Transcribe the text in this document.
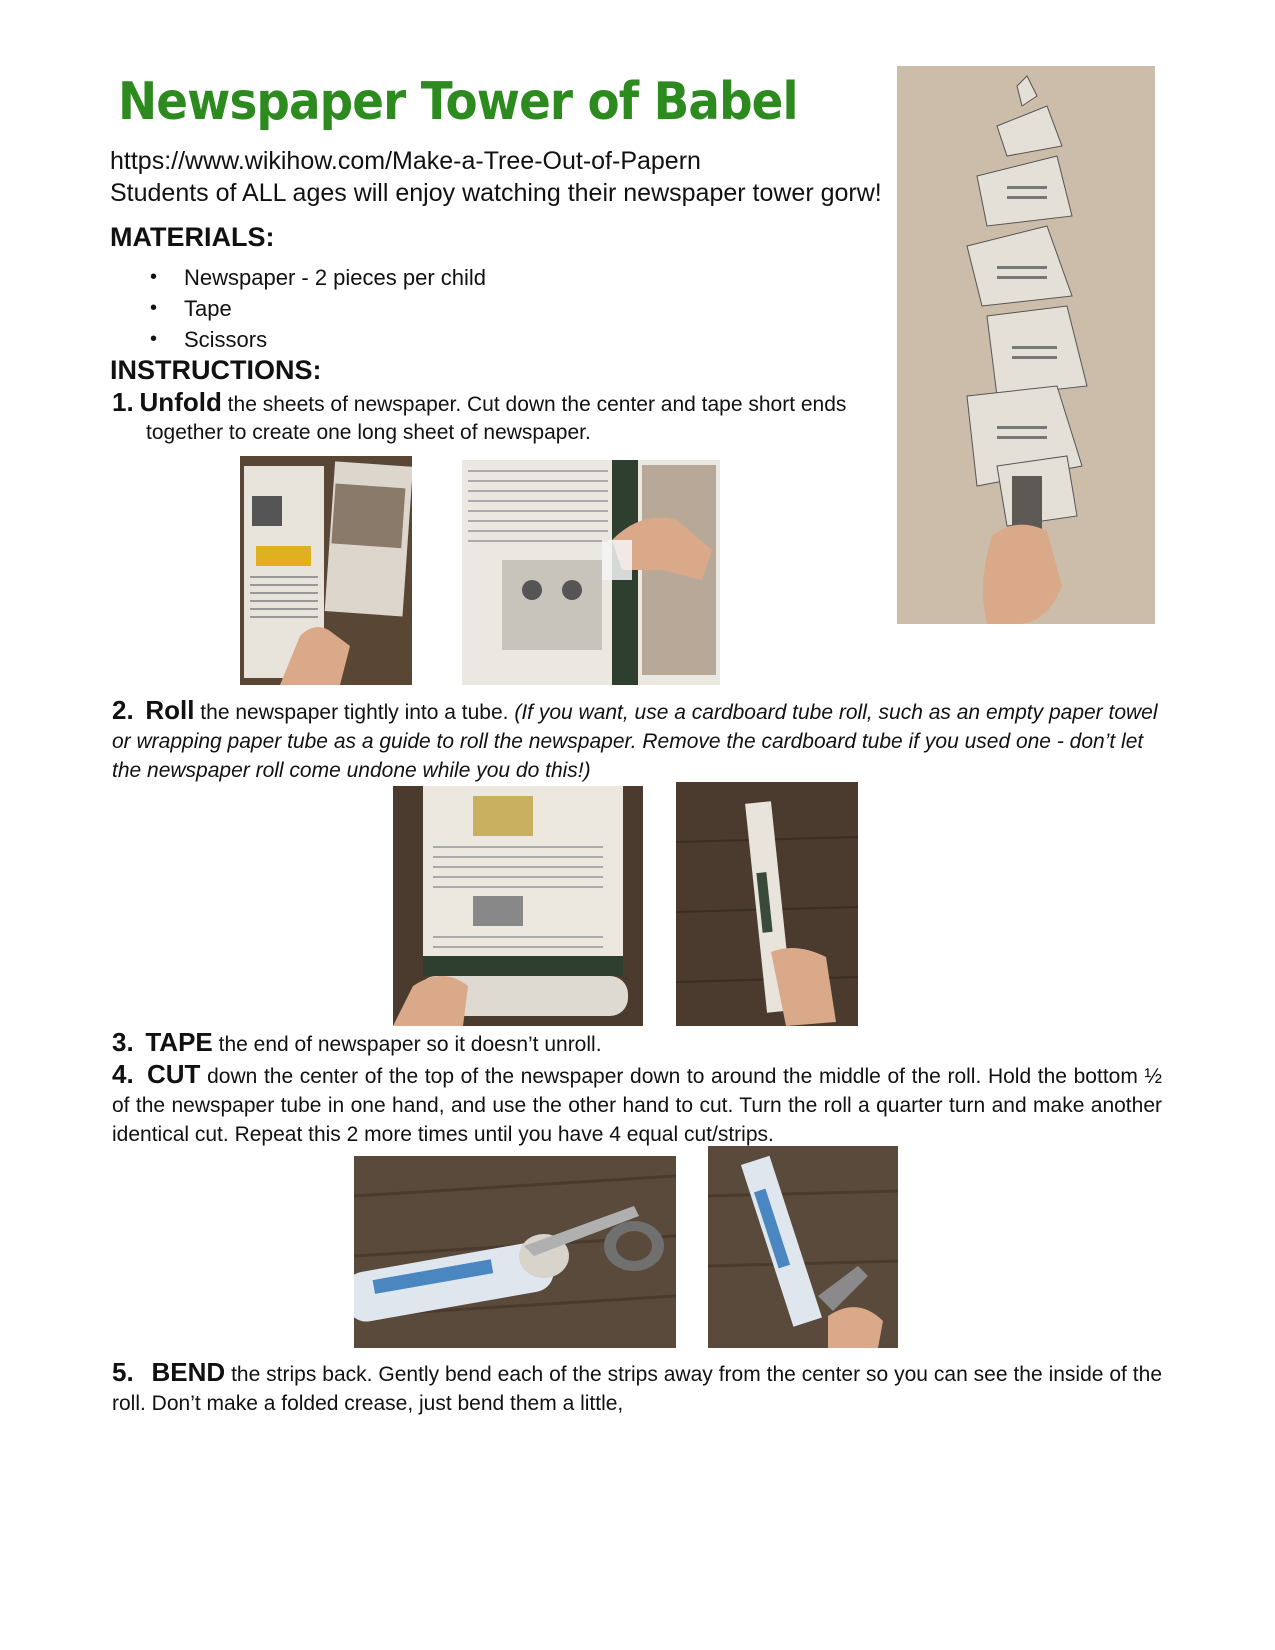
Newspaper Tower of Babel
https://www.wikihow.com/Make-a-Tree-Out-of-Papern
Students of ALL ages will enjoy watching their newspaper tower gorw!
MATERIALS:
• Newspaper - 2 pieces per child
• Tape
• Scissors
INSTRUCTIONS:
1. Unfold the sheets of newspaper. Cut down the center and tape short ends
together to create one long sheet of newspaper.
2. Roll the newspaper tightly into a tube. (If you want, use a cardboard tube roll, such as an empty paper towel or wrapping paper tube as a guide to roll the newspaper. Remove the cardboard tube if you used one - don’t let the newspaper roll come undone while you do this!)
3. TAPE the end of newspaper so it doesn’t unroll.
4. CUT down the center of the top of the newspaper down to around the middle of the roll. Hold the bottom ½ of the newspaper tube in one hand, and use the other hand to cut. Turn the roll a quarter turn and make another identical cut. Repeat this 2 more times until you have 4 equal cut/strips.
5. BEND the strips back. Gently bend each of the strips away from the center so you can see the inside of the roll. Don’t make a folded crease, just bend them a little,
